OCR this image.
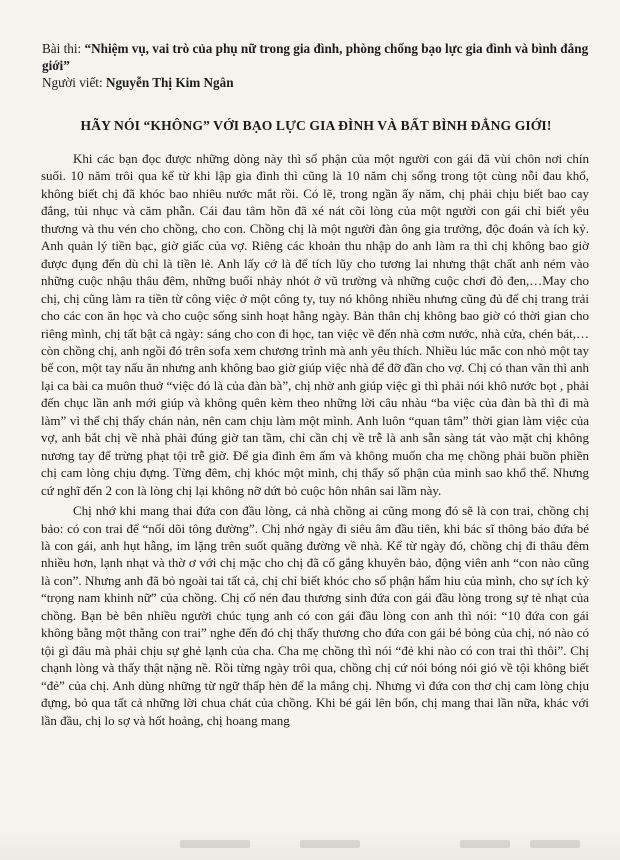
Bài thi: “Nhiệm vụ, vai trò của phụ nữ trong gia đình, phòng chống bạo lực gia đình và bình đẳng giới”
Người viết: Nguyễn Thị Kim Ngân
HÃY NÓI “KHÔNG” VỚI BẠO LỰC GIA ĐÌNH VÀ BẤT BÌNH ĐẲNG GIỚI!

Khi các bạn đọc được những dòng này thì số phận của một người con gái đã vùi chôn nơi chín suối. 10 năm trôi qua kể từ khi lập gia đình thì cũng là 10 năm chị sống trong tột cùng nỗi đau khổ, không biết chị đã khóc bao nhiêu nước mắt rồi. Có lẽ, trong ngần ấy năm, chị phải chịu biết bao cay đắng, tủi nhục và căm phẫn. Cái đau tâm hồn đã xé nát cõi lòng của một người con gái chỉ biết yêu thương và thu vén cho chồng, cho con. Chồng chị là một người đàn ông gia trưởng, độc đoán và ích kỷ. Anh quản lý tiền bạc, giờ giấc của vợ. Riêng các khoản thu nhập do anh làm ra thì chị không bao giờ được đụng đến dù chỉ là tiền lẻ. Anh lấy cớ là để tích lũy cho tương lai nhưng thật chất anh ném vào những cuộc nhậu thâu đêm, những buổi nhảy nhót ở vũ trường và những cuộc chơi đỏ đen,…May cho chị, chị cũng làm ra tiền từ công việc ở một công ty, tuy nó không nhiều nhưng cũng đủ để chị trang trải cho các con ăn học và cho cuộc sống sinh hoạt hằng ngày. Bản thân chị không bao giờ có thời gian cho riêng mình, chị tất bật cả ngày: sáng cho con đi học, tan việc về đến nhà cơm nước, nhà cửa, chén bát,…còn chồng chị, anh ngồi đó trên sofa xem chương trình mà anh yêu thích. Nhiều lúc mắc con nhỏ một tay bế con, một tay nấu ăn nhưng anh không bao giờ giúp việc nhà để đỡ đần cho vợ. Chị có than vãn thì anh lại ca bài ca muôn thuở “việc đó là của đàn bà”, chị nhờ anh giúp việc gì thì phải nói khô nước bọt , phải đến chục lần anh mới giúp và không quên kèm theo những lời câu nhàu “ba việc của đàn bà thì đi mà làm” vì thế chị thấy chán nản, nên cam chịu làm một mình. Anh luôn “quan tâm” thời gian làm việc của vợ, anh bắt chị về nhà phải đúng giờ tan tầm, chỉ cần chị về trễ là anh sẵn sàng tát vào mặt chị không nương tay để trừng phạt tội trễ giờ. Để gia đình êm ấm và không muốn cha mẹ chồng phải buồn phiền chị cam lòng chịu đựng. Từng đêm, chị khóc một mình, chị thấy số phận của mình sao khổ thế. Nhưng cứ nghĩ đến 2 con là lòng chị lại không nỡ dứt bỏ cuộc hôn nhân sai lầm này.

Chị nhớ khi mang thai đứa con đầu lòng, cả nhà chồng ai cũng mong đó sẽ là con trai, chồng chị bảo: có con trai để “nối dõi tông đường”. Chị nhớ ngày đi siêu âm đầu tiên, khi bác sĩ thông báo đứa bé là con gái, anh hụt hẫng, im lặng trên suốt quãng đường về nhà. Kể từ ngày đó, chồng chị đi thâu đêm nhiều hơn, lạnh nhạt và thờ ơ với chị mặc cho chị đã cố gắng khuyên bảo, động viên anh “con nào cũng là con”. Nhưng anh đã bỏ ngoài tai tất cả, chị chỉ biết khóc cho số phận hẩm hiu của mình, cho sự ích kỷ “trọng nam khinh nữ” của chồng. Chị cố nén đau thương sinh đứa con gái đầu lòng trong sự tẻ nhạt của chồng. Bạn bè bên nhiều người chúc tụng anh có con gái đầu lòng con anh thì nói: “10 đứa con gái không bằng một thằng con trai” nghe đến đó chị thấy thương cho đứa con gái bé bỏng của chị, nó nào có tội gì đâu mà phải chịu sự ghẻ lạnh của cha. Cha mẹ chồng thì nói “đẻ khi nào có con trai thì thôi”. Chị chạnh lòng và thấy thật nặng nề. Rồi từng ngày trôi qua, chồng chị cứ nói bóng nói gió về tội không biết “đẻ” của chị. Anh dùng những từ ngữ thấp hèn để la mắng chị. Nhưng vì đứa con thơ chị cam lòng chịu đựng, bỏ qua tất cả những lời chua chát của chồng. Khi bé gái lên bốn, chị mang thai lần nữa, khác với lần đầu, chị lo sợ và hốt hoảng, chị hoang mang
